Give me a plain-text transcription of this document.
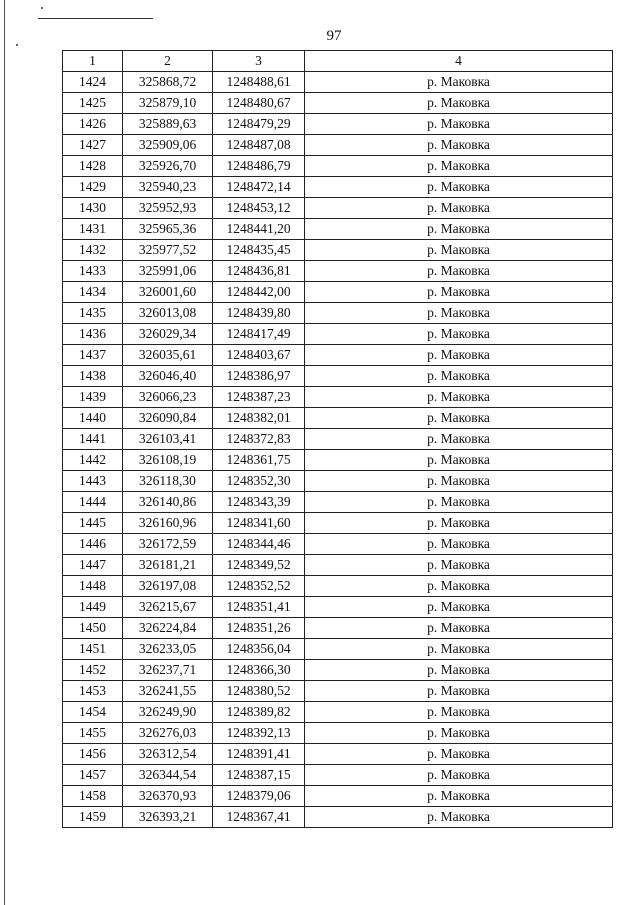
97
1	2	3	4
1424	325868,72	1248488,61	р. Маковка
1425	325879,10	1248480,67	р. Маковка
1426	325889,63	1248479,29	р. Маковка
1427	325909,06	1248487,08	р. Маковка
1428	325926,70	1248486,79	р. Маковка
1429	325940,23	1248472,14	р. Маковка
1430	325952,93	1248453,12	р. Маковка
1431	325965,36	1248441,20	р. Маковка
1432	325977,52	1248435,45	р. Маковка
1433	325991,06	1248436,81	р. Маковка
1434	326001,60	1248442,00	р. Маковка
1435	326013,08	1248439,80	р. Маковка
1436	326029,34	1248417,49	р. Маковка
1437	326035,61	1248403,67	р. Маковка
1438	326046,40	1248386,97	р. Маковка
1439	326066,23	1248387,23	р. Маковка
1440	326090,84	1248382,01	р. Маковка
1441	326103,41	1248372,83	р. Маковка
1442	326108,19	1248361,75	р. Маковка
1443	326118,30	1248352,30	р. Маковка
1444	326140,86	1248343,39	р. Маковка
1445	326160,96	1248341,60	р. Маковка
1446	326172,59	1248344,46	р. Маковка
1447	326181,21	1248349,52	р. Маковка
1448	326197,08	1248352,52	р. Маковка
1449	326215,67	1248351,41	р. Маковка
1450	326224,84	1248351,26	р. Маковка
1451	326233,05	1248356,04	р. Маковка
1452	326237,71	1248366,30	р. Маковка
1453	326241,55	1248380,52	р. Маковка
1454	326249,90	1248389,82	р. Маковка
1455	326276,03	1248392,13	р. Маковка
1456	326312,54	1248391,41	р. Маковка
1457	326344,54	1248387,15	р. Маковка
1458	326370,93	1248379,06	р. Маковка
1459	326393,21	1248367,41	р. Маковка
